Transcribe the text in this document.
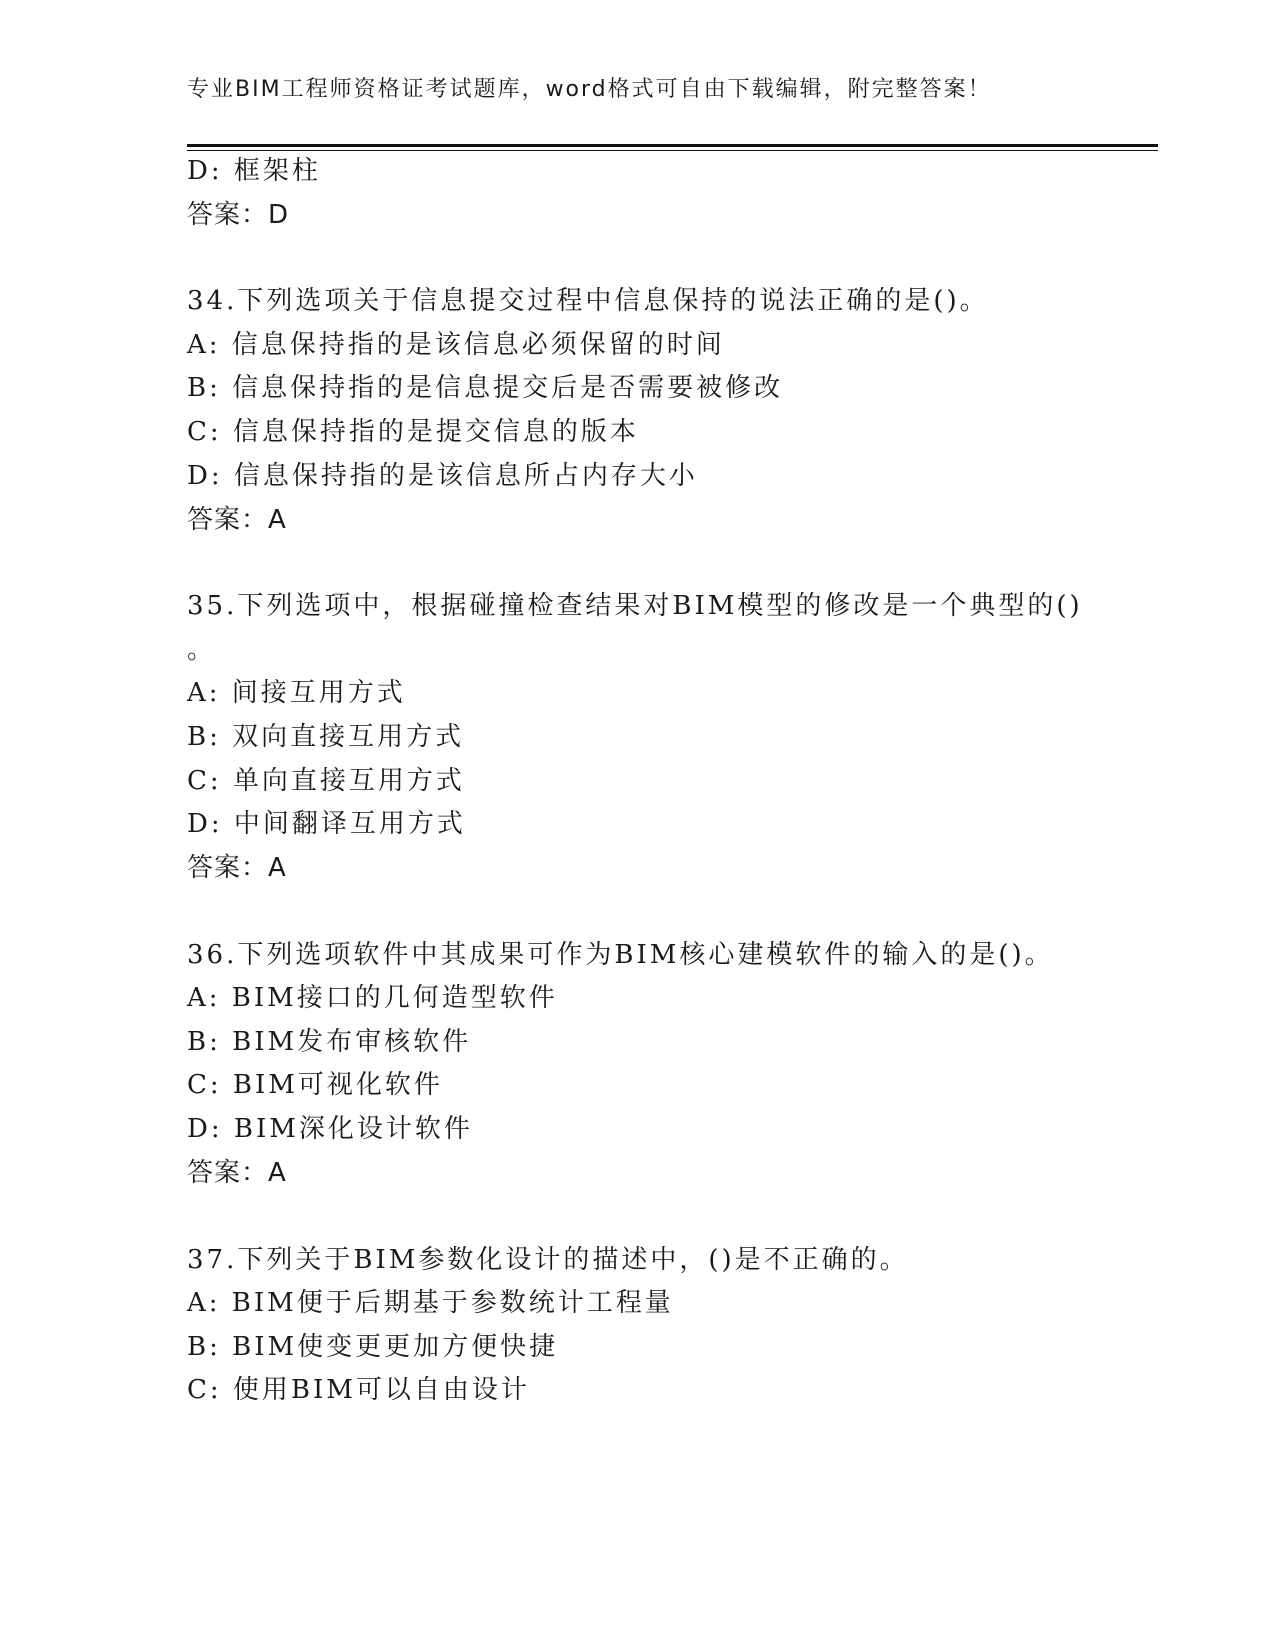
专业BIM工程师资格证考试题库，word格式可自由下载编辑，附完整答案！
D: 框架柱
答案：D
34.下列选项关于信息提交过程中信息保持的说法正确的是()。
A: 信息保持指的是该信息必须保留的时间
B: 信息保持指的是信息提交后是否需要被修改
C: 信息保持指的是提交信息的版本
D: 信息保持指的是该信息所占内存大小
答案：A
35.下列选项中，根据碰撞检查结果对BIM模型的修改是一个典型的()
。
A: 间接互用方式
B: 双向直接互用方式
C: 单向直接互用方式
D: 中间翻译互用方式
答案：A
36.下列选项软件中其成果可作为BIM核心建模软件的输入的是()。
A: BIM接口的几何造型软件
B: BIM发布审核软件
C: BIM可视化软件
D: BIM深化设计软件
答案：A
37.下列关于BIM参数化设计的描述中，()是不正确的。
A: BIM便于后期基于参数统计工程量
B: BIM使变更更加方便快捷
C: 使用BIM可以自由设计
